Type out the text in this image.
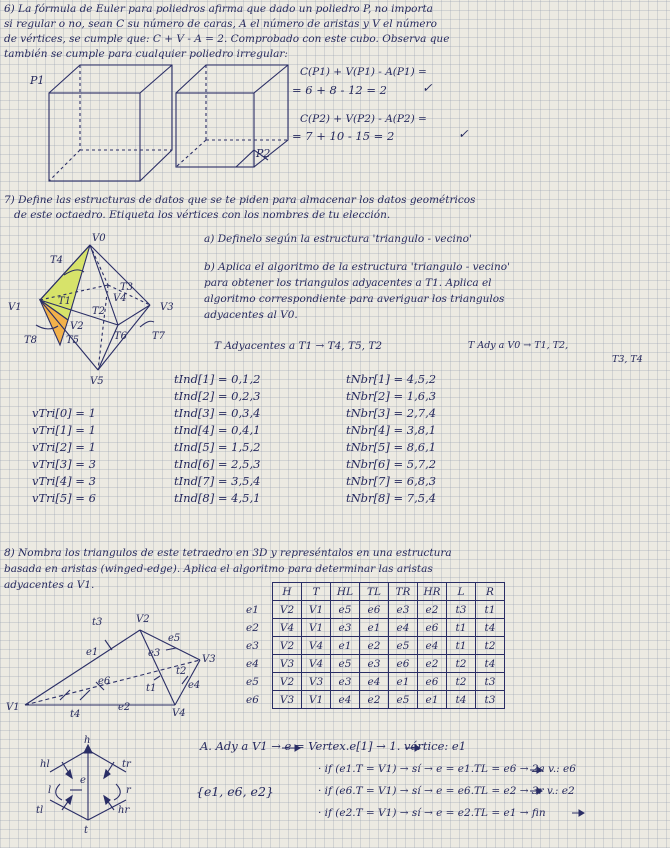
6) La fórmula de Euler para poliedros afirma que dado un poliedro P, no importa
si regular o no, sean C su número de caras, A el número de aristas y V el número
de vértices, se cumple que: C + V - A = 2. Comprobado con este cubo. Observa que
también se cumple para cualquier poliedro irregular:
P1
P2
C(P1) + V(P1) - A(P1) =
= 6 + 8 - 12 = 2	✓
C(P2) + V(P2) - A(P2) =
= 7 + 10 - 15 = 2	✓
7) Define las estructuras de datos que se te piden para almacenar los datos geométricos
de este octaedro. Etiqueta los vértices con los nombres de tu elección.
V0
T4
T3
V1
T1
T2
V4
V3
V2
T5
T8	T6 T7
V5
a) Definelo según la estructura 'triangulo - vecino'
b) Aplica el algoritmo de la estructura 'triangulo - vecino'
para obtener los triangulos adyacentes a T1. Aplica el
algoritmo correspondiente para averiguar los triangulos
adyacentes al V0.
T Adyacentes a T1 → T4, T5, T2	T Ady a V0 → T1, T2,
T3, T4
vTri[0] = 1
vTri[1] = 1
vTri[2] = 1
vTri[3] = 3
vTri[4] = 3
vTri[5] = 6
tInd[1] = 0,1,2
tInd[2] = 0,2,3
tInd[3] = 0,3,4
tInd[4] = 0,4,1
tInd[5] = 1,5,2
tInd[6] = 2,5,3
tInd[7] = 3,5,4
tInd[8] = 4,5,1
tNbr[1] = 4,5,2
tNbr[2] = 1,6,3
tNbr[3] = 2,7,4
tNbr[4] = 3,8,1
tNbr[5] = 8,6,1
tNbr[6] = 5,7,2
tNbr[7] = 6,8,3
tNbr[8] = 7,5,4
8) Nombra los triangulos de este tetraedro en 3D y represéntalos en una estructura
basada en aristas (winged-edge). Aplica el algoritmo para determinar las aristas
adyacentes a V1.
t3	V2
e5
e1	e3
V3
e6
t2
e4
t1
V1
t4
e2
V4
	H	T	HL	TL	TR	HR	L	R
e1	V2	V1	e5	e6	e3	e2	t3	t1
e2	V4	V1	e3	e1	e4	e6	t1	t4
e3	V2	V4	e1	e2	e5	e4	t1	t2
e4	V3	V4	e5	e3	e6	e2	t2	t4
e5	V2	V3	e3	e4	e1	e6	t2	t3
e6	V3	V1	e4	e2	e5	e1	t4	t3
h
hl	tr
e
l	r
tl	hr
t
A. Ady a V1 → e = Vertex.e[1] → 1. vértice: e1
· if (e1.T = V1) → sí → e = e1.TL = e6 → 2a v.: e6
{e1, e6, e2}	· if (e6.T = V1) → sí → e = e6.TL = e2 → 3r v.: e2
· if (e2.T = V1) → sí → e = e2.TL = e1 → fin
